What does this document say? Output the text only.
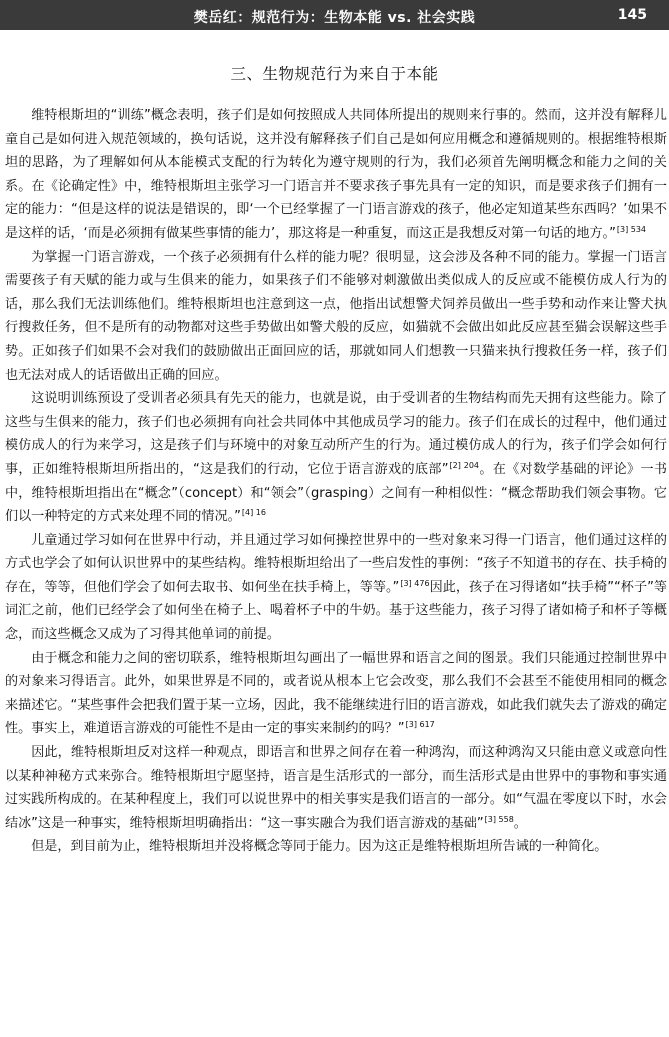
樊岳红：规范行为：生物本能 vs. 社会实践	145
三、生物规范行为来自于本能

维特根斯坦的“训练”概念表明，孩子们是如何按照成人共同体所提出的规则来行事的。然而，这并没有解释儿童自己是如何进入规范领域的，换句话说，这并没有解释孩子们自己是如何应用概念和遵循规则的。根据维特根斯坦的思路，为了理解如何从本能模式支配的行为转化为遵守规则的行为，我们必须首先阐明概念和能力之间的关系。在《论确定性》中，维特根斯坦主张学习一门语言并不要求孩子事先具有一定的知识，而是要求孩子们拥有一定的能力：“但是这样的说法是错误的，即‘一个已经掌握了一门语言游戏的孩子，他必定知道某些东西吗？’如果不是这样的话，‘而是必须拥有做某些事情的能力’，那这将是一种重复，而这正是我想反对第一句话的地方。”$^{[3] 534}$

为掌握一门语言游戏，一个孩子必须拥有什么样的能力呢？很明显，这会涉及各种不同的能力。掌握一门语言需要孩子有天赋的能力或与生俱来的能力，如果孩子们不能够对刺激做出类似成人的反应或不能模仿成人行为的话，那么我们无法训练他们。维特根斯坦也注意到这一点，他指出试想警犬饲养员做出一些手势和动作来让警犬执行搜救任务，但不是所有的动物都对这些手势做出如警犬般的反应，如猫就不会做出如此反应甚至猫会误解这些手势。正如孩子们如果不会对我们的鼓励做出正面回应的话，那就如同人们想教一只猫来执行搜救任务一样，孩子们也无法对成人的话语做出正确的回应。

这说明训练预设了受训者必须具有先天的能力，也就是说，由于受训者的生物结构而先天拥有这些能力。除了这些与生俱来的能力，孩子们也必须拥有向社会共同体中其他成员学习的能力。孩子们在成长的过程中，他们通过模仿成人的行为来学习，这是孩子们与环境中的对象互动所产生的行为。通过模仿成人的行为，孩子们学会如何行事，正如维特根斯坦所指出的，“这是我们的行动，它位于语言游戏的底部”$^{[2] 204}$。在《对数学基础的评论》一书中，维特根斯坦指出在“概念”（concept）和“领会”（grasping）之间有一种相似性：“概念帮助我们领会事物。它们以一种特定的方式来处理不同的情况。”$^{[4] 16}$

儿童通过学习如何在世界中行动，并且通过学习如何操控世界中的一些对象来习得一门语言，他们通过这样的方式也学会了如何认识世界中的某些结构。维特根斯坦给出了一些启发性的事例：“孩子不知道书的存在、扶手椅的存在，等等，但他们学会了如何去取书、如何坐在扶手椅上，等等。”$^{[3] 476}$因此，孩子在习得诸如“扶手椅”“杯子”等词汇之前，他们已经学会了如何坐在椅子上、喝着杯子中的牛奶。基于这些能力，孩子习得了诸如椅子和杯子等概念，而这些概念又成为了习得其他单词的前提。

由于概念和能力之间的密切联系，维特根斯坦勾画出了一幅世界和语言之间的图景。我们只能通过控制世界中的对象来习得语言。此外，如果世界是不同的，或者说从根本上它会改变，那么我们不会甚至不能使用相同的概念来描述它。“某些事件会把我们置于某一立场，因此，我不能继续进行旧的语言游戏，如此我们就失去了游戏的确定性。事实上，难道语言游戏的可能性不是由一定的事实来制约的吗？”$^{[3] 617}$

因此，维特根斯坦反对这样一种观点，即语言和世界之间存在着一种鸿沟，而这种鸿沟又只能由意义或意向性以某种神秘方式来弥合。维特根斯坦宁愿坚持，语言是生活形式的一部分，而生活形式是由世界中的事物和事实通过实践所构成的。在某种程度上，我们可以说世界中的相关事实是我们语言的一部分。如“气温在零度以下时，水会结冰”这是一种事实，维特根斯坦明确指出：“这一事实融合为我们语言游戏的基础”$^{[3] 558}$。

但是，到目前为止，维特根斯坦并没将概念等同于能力。因为这正是维特根斯坦所告诫的一种简化。
